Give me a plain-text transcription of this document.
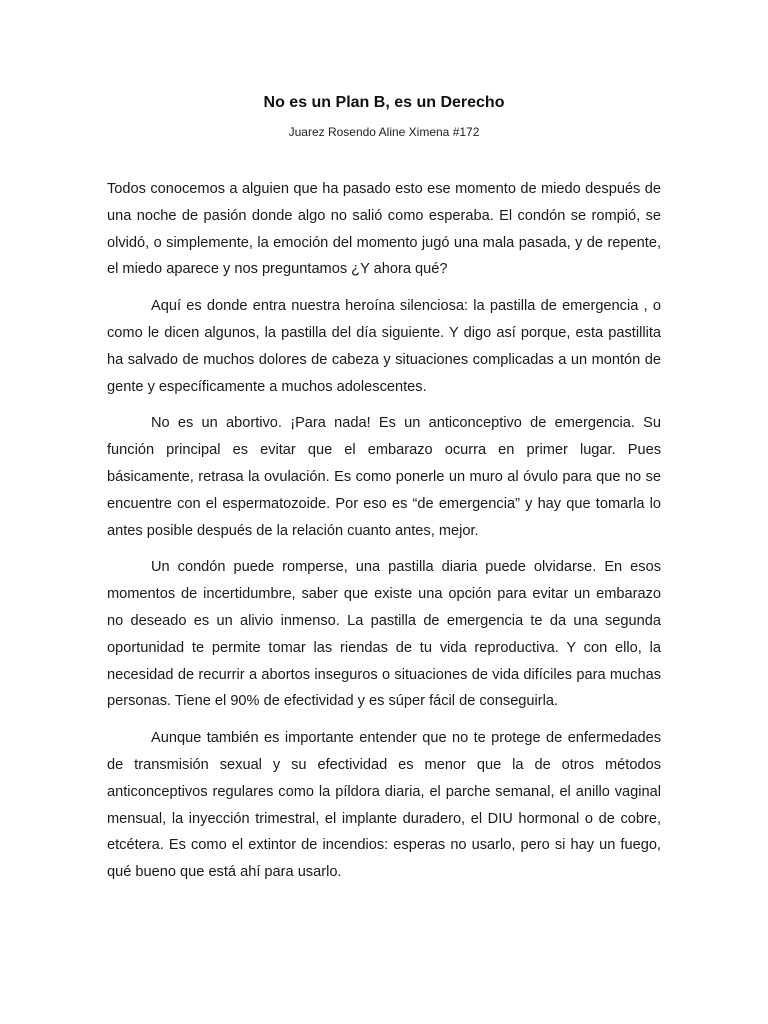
No es un Plan B, es un Derecho

Juarez Rosendo Aline Ximena #172

Todos conocemos a alguien que ha pasado esto ese momento de miedo después de una noche de pasión donde algo no salió como esperaba. El condón se rompió, se olvidó, o simplemente, la emoción del momento jugó una mala pasada, y de repente, el miedo aparece y nos preguntamos ¿Y ahora qué?

Aquí es donde entra nuestra heroína silenciosa: la pastilla de emergencia , o como le dicen algunos, la pastilla del día siguiente. Y digo así porque, esta pastillita ha salvado de muchos dolores de cabeza y situaciones complicadas a un montón de gente y específicamente a muchos adolescentes.

No es un abortivo. ¡Para nada! Es un anticonceptivo de emergencia. Su función principal es evitar que el embarazo ocurra en primer lugar. Pues básicamente, retrasa la ovulación. Es como ponerle un muro al óvulo para que no se encuentre con el espermatozoide. Por eso es “de emergencia” y hay que tomarla lo antes posible después de la relación cuanto antes, mejor.

Un condón puede romperse, una pastilla diaria puede olvidarse. En esos momentos de incertidumbre, saber que existe una opción para evitar un embarazo no deseado es un alivio inmenso. La pastilla de emergencia te da una segunda oportunidad te permite tomar las riendas de tu vida reproductiva. Y con ello, la necesidad de recurrir a abortos inseguros o situaciones de vida difíciles para muchas personas. Tiene el 90% de efectividad y es súper fácil de conseguirla.

Aunque también es importante entender que no te protege de enfermedades de transmisión sexual y su efectividad es menor que la de otros métodos anticonceptivos regulares como la píldora diaria, el parche semanal, el anillo vaginal mensual, la inyección trimestral, el implante duradero, el DIU hormonal o de cobre, etcétera. Es como el extintor de incendios: esperas no usarlo, pero si hay un fuego, qué bueno que está ahí para usarlo.
